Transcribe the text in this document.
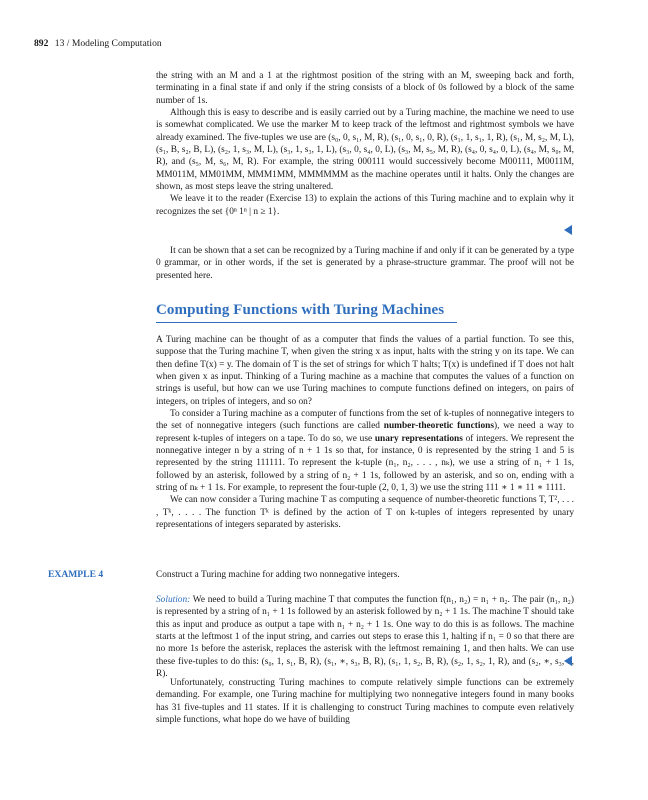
892 13 / Modeling Computation

the string with an M and a 1 at the rightmost position of the string with an M, sweeping back and forth, terminating in a final state if and only if the string consists of a block of 0s followed by a block of the same number of 1s.

Although this is easy to describe and is easily carried out by a Turing machine, the machine we need to use is somewhat complicated. We use the marker M to keep track of the leftmost and rightmost symbols we have already examined. The five-tuples we use are (s₀, 0, s₁, M, R), (s₁, 0, s₁, 0, R), (s₁, 1, s₁, 1, R), (s₁, M, s₂, M, L), (s₁, B, s₂, B, L), (s₂, 1, s₃, M, L), (s₃, 1, s₃, 1, L), (s₃, 0, s₄, 0, L), (s₃, M, s₅, M, R), (s₄, 0, s₄, 0, L), (s₄, M, s₀, M, R), and (s₅, M, s₆, M, R). For example, the string 000111 would successively become M00111, M0011M, MM011M, MM01MM, MMM1MM, MMMMMM as the machine operates until it halts. Only the changes are shown, as most steps leave the string unaltered.

We leave it to the reader (Exercise 13) to explain the actions of this Turing machine and to explain why it recognizes the set {0ⁿ 1ⁿ | n ≥ 1}.

It can be shown that a set can be recognized by a Turing machine if and only if it can be generated by a type 0 grammar, or in other words, if the set is generated by a phrase-structure grammar. The proof will not be presented here.

Computing Functions with Turing Machines

A Turing machine can be thought of as a computer that finds the values of a partial function. To see this, suppose that the Turing machine T, when given the string x as input, halts with the string y on its tape. We can then define T(x) = y. The domain of T is the set of strings for which T halts; T(x) is undefined if T does not halt when given x as input. Thinking of a Turing machine as a machine that computes the values of a function on strings is useful, but how can we use Turing machines to compute functions defined on integers, on pairs of integers, on triples of integers, and so on?

To consider a Turing machine as a computer of functions from the set of k-tuples of nonnegative integers to the set of nonnegative integers (such functions are called number-theoretic functions), we need a way to represent k-tuples of integers on a tape. To do so, we use unary representations of integers. We represent the nonnegative integer n by a string of n + 1 1s so that, for instance, 0 is represented by the string 1 and 5 is represented by the string 111111. To represent the k-tuple (n₁, n₂, . . . , nₖ), we use a string of n₁ + 1 1s, followed by an asterisk, followed by a string of n₂ + 1 1s, followed by an asterisk, and so on, ending with a string of nₖ + 1 1s. For example, to represent the four-tuple (2, 0, 1, 3) we use the string 111 ∗ 1 ∗ 11 ∗ 1111.

We can now consider a Turing machine T as computing a sequence of number-theoretic functions T, T², . . . , Tᵏ, . . . . The function Tᵏ is defined by the action of T on k-tuples of integers represented by unary representations of integers separated by asterisks.

EXAMPLE 4	Construct a Turing machine for adding two nonnegative integers.

Solution: We need to build a Turing machine T that computes the function f(n₁, n₂) = n₁ + n₂. The pair (n₁, n₂) is represented by a string of n₁ + 1 1s followed by an asterisk followed by n₂ + 1 1s. The machine T should take this as input and produce as output a tape with n₁ + n₂ + 1 1s. One way to do this is as follows. The machine starts at the leftmost 1 of the input string, and carries out steps to erase this 1, halting if n₁ = 0 so that there are no more 1s before the asterisk, replaces the asterisk with the leftmost remaining 1, and then halts. We can use these five-tuples to do this: (s₀, 1, s₁, B, R), (s₁, ∗, s₃, B, R), (s₁, 1, s₂, B, R), (s₂, 1, s₂, 1, R), and (s₂, ∗, s₃, 1, R).

Unfortunately, constructing Turing machines to compute relatively simple functions can be extremely demanding. For example, one Turing machine for multiplying two nonnegative integers found in many books has 31 five-tuples and 11 states. If it is challenging to construct Turing machines to compute even relatively simple functions, what hope do we have of building
